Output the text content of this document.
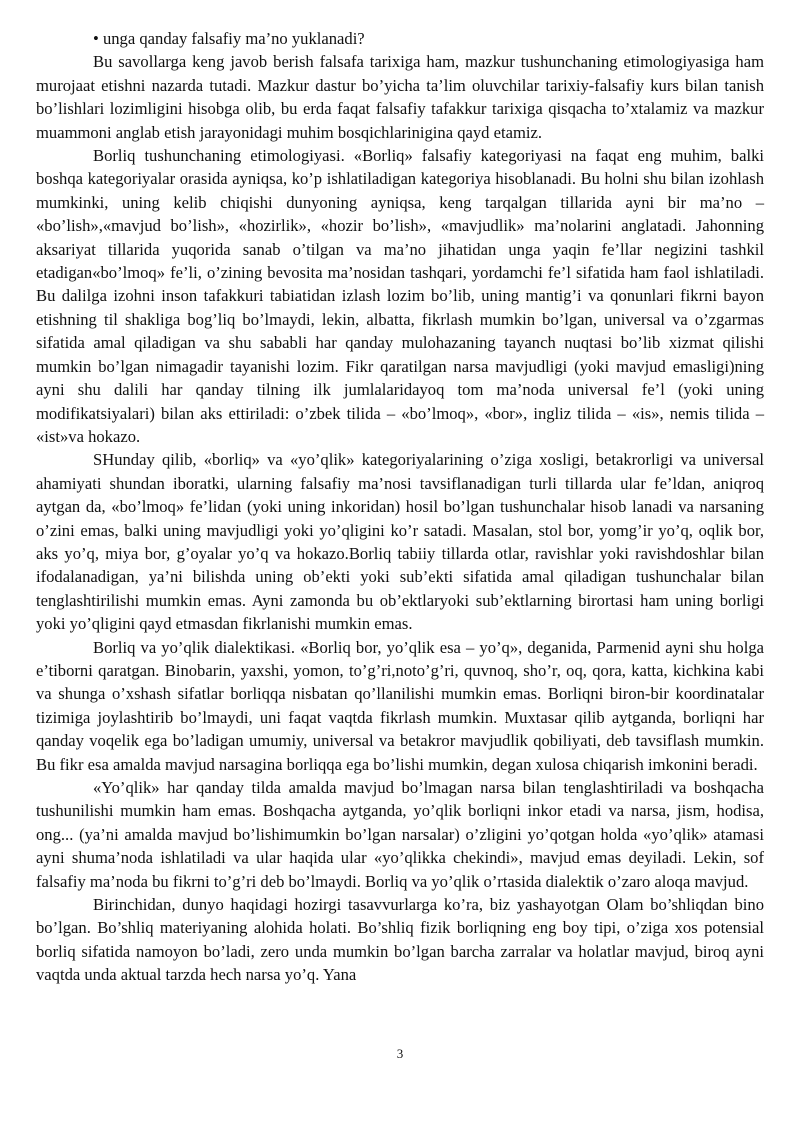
• unga qanday falsafiy ma’no yuklanadi?

Bu savollarga keng javob berish falsafa tarixiga ham, mazkur tushunchaning etimologiyasiga ham murojaat etishni nazarda tutadi. Mazkur dastur bo’yicha ta’lim oluvchilar tarixiy-falsafiy kurs bilan tanish bo’lishlari lozimligini hisobga olib, bu erda faqat falsafiy tafakkur tarixiga qisqacha to’xtalamiz va mazkur muammoni anglab etish jarayonidagi muhim bosqichlarinigina qayd etamiz.

Borliq tushunchaning etimologiyasi. «Borliq» falsafiy kategoriyasi na faqat eng muhim, balki boshqa kategoriyalar orasida ayniqsa, ko’p ishlatiladigan kategoriya hisoblanadi. Bu holni shu bilan izohlash mumkinki, uning kelib chiqishi dunyoning ayniqsa, keng tarqalgan tillarida ayni bir ma’no – «bo’lish»,«mavjud bo’lish», «hozirlik», «hozir bo’lish», «mavjudlik» ma’nolarini anglatadi. Jahonning aksariyat tillarida yuqorida sanab o’tilgan va ma’no jihatidan unga yaqin fe’llar negizini tashkil etadigan«bo’lmoq» fe’li, o’zining bevosita ma’nosidan tashqari, yordamchi fe’l sifatida ham faol ishlatiladi. Bu dalilga izohni inson tafakkuri tabiatidan izlash lozim bo’lib, uning mantig’i va qonunlari fikrni bayon etishning til shakliga bog’liq bo’lmaydi, lekin, albatta, fikrlash mumkin bo’lgan, universal va o’zgarmas sifatida amal qiladigan va shu sababli har qanday mulohazaning tayanch nuqtasi bo’lib xizmat qilishi mumkin bo’lgan nimagadir tayanishi lozim. Fikr qaratilgan narsa mavjudligi (yoki mavjud emasligi)ning ayni shu dalili har qanday tilning ilk jumlalaridayoq tom ma’noda universal fe’l (yoki uning modifikatsiyalari) bilan aks ettiriladi: o’zbek tilida – «bo’lmoq», «bor», ingliz tilida – «is», nemis tilida – «ist»va hokazo.

SHunday qilib, «borliq» va «yo’qlik» kategoriyalarining o’ziga xosligi, betakrorligi va universal ahamiyati shundan iboratki, ularning falsafiy ma’nosi tavsiflanadigan turli tillarda ular fe’ldan, aniqroq aytgan da, «bo’lmoq» fe’lidan (yoki uning inkoridan) hosil bo’lgan tushunchalar hisob lanadi va narsaning o’zini emas, balki uning mavjudligi yoki yo’qligini ko’r satadi. Masalan, stol bor, yomg’ir yo’q, oqlik bor, aks yo’q, miya bor, g’oyalar yo’q va hokazo.Borliq tabiiy tillarda otlar, ravishlar yoki ravishdoshlar bilan ifodalanadigan, ya’ni bilishda uning ob’ekti yoki sub’ekti sifatida amal qiladigan tushunchalar bilan tenglashtirilishi mumkin emas. Ayni zamonda bu ob’ektlaryoki sub’ektlarning birortasi ham uning borligi yoki yo’qligini qayd etmasdan fikrlanishi mumkin emas.

Borliq va yo’qlik dialektikasi. «Borliq bor, yo’qlik esa – yo’q», deganida, Parmenid ayni shu holga e’tiborni qaratgan. Binobarin, yaxshi, yomon, to’g’ri,noto’g’ri, quvnoq, sho’r, oq, qora, katta, kichkina kabi va shunga o’xshash sifatlar borliqqa nisbatan qo’llanilishi mumkin emas. Borliqni biron-bir koordinatalar tizimiga joylashtirib bo’lmaydi, uni faqat vaqtda fikrlash mumkin. Muxtasar qilib aytganda, borliqni har qanday voqelik ega bo’ladigan umumiy, universal va betakror mavjudlik qobiliyati, deb tavsiflash mumkin. Bu fikr esa amalda mavjud narsagina borliqqa ega bo’lishi mumkin, degan xulosa chiqarish imkonini beradi.

«Yo’qlik» har qanday tilda amalda mavjud bo’lmagan narsa bilan tenglashtiriladi va boshqacha tushunilishi mumkin ham emas. Boshqacha aytganda, yo’qlik borliqni inkor etadi va narsa, jism, hodisa, ong... (ya’ni amalda mavjud bo’lishimumkin bo’lgan narsalar) o’zligini yo’qotgan holda «yo’qlik» atamasi ayni shuma’noda ishlatiladi va ular haqida ular «yo’qlikka chekindi», mavjud emas deyiladi. Lekin, sof falsafiy ma’noda bu fikrni to’g’ri deb bo’lmaydi. Borliq va yo’qlik o’rtasida dialektik o’zaro aloqa mavjud.

Birinchidan, dunyo haqidagi hozirgi tasavvurlarga ko’ra, biz yashayotgan Olam bo’shliqdan bino bo’lgan. Bo’shliq materiyaning alohida holati. Bo’shliq fizik borliqning eng boy tipi, o’ziga xos potensial borliq sifatida namoyon bo’ladi, zero unda mumkin bo’lgan barcha zarralar va holatlar mavjud, biroq ayni vaqtda unda aktual tarzda hech narsa yo’q. Yana

3
